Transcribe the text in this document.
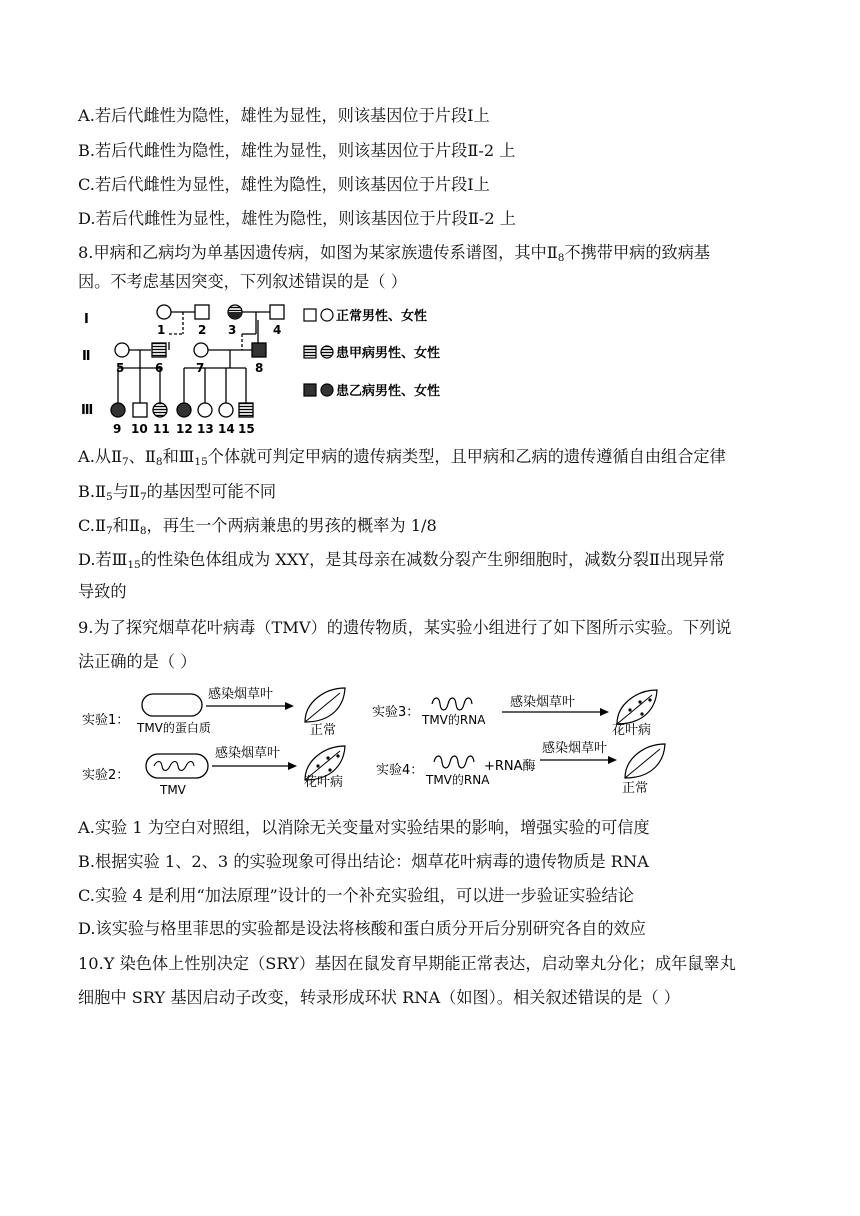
A.若后代雌性为隐性，雄性为显性，则该基因位于片段Ⅰ上
B.若后代雌性为隐性，雄性为显性，则该基因位于片段Ⅱ-2 上
C.若后代雌性为显性，雄性为隐性，则该基因位于片段Ⅰ上
D.若后代雌性为显性，雄性为隐性，则该基因位于片段Ⅱ-2 上
8.甲病和乙病均为单基因遗传病，如图为某家族遗传系谱图，其中$Ⅱ_8$不携带甲病的致病基
因。不考虑基因突变，下列叙述错误的是（ ）
Ⅰ
Ⅱ
Ⅲ
1	2 3	4
5	6	7	8
9 10 11 12 13 14 15
正常男性、女性
患甲病男性、女性
患乙病男性、女性
A.从$Ⅱ_7$、$Ⅱ_8$和$Ⅲ_{15}$个体就可判定甲病的遗传病类型，且甲病和乙病的遗传遵循自由组合定律
$B.Ⅱ_5$与$Ⅱ_7$的基因型可能不同
$C.Ⅱ_7$和$Ⅱ_8$，再生一个两病兼患的男孩的概率为 1/8
D.若$Ⅲ_{15}$的性染色体组成为 XXY，是其母亲在减数分裂产生卵细胞时，减数分裂Ⅱ出现异常
导致的
9.为了探究烟草花叶病毒（TMV）的遗传物质，某实验小组进行了如下图所示实验。下列说
法正确的是（ ）
实验1： TMV的蛋白质
感染烟草叶
正常
实验2：
TMV
感染烟草叶
花叶病
实验3： TMV的RNA
感染烟草叶
花叶病
实验4：	+RNA酶
TMV的RNA
感染烟草叶
正常
A.实验 1 为空白对照组，以消除无关变量对实验结果的影响，增强实验的可信度
B.根据实验 1、2、3 的实验现象可得出结论：烟草花叶病毒的遗传物质是 RNA
C.实验 4 是利用“加法原理”设计的一个补充实验组，可以进一步验证实验结论
D.该实验与格里菲思的实验都是设法将核酸和蛋白质分开后分别研究各自的效应
10.Y 染色体上性别决定（SRY）基因在鼠发育早期能正常表达，启动睾丸分化；成年鼠睾丸
细胞中 SRY 基因启动子改变，转录形成环状 RNA（如图）。相关叙述错误的是（ ）
